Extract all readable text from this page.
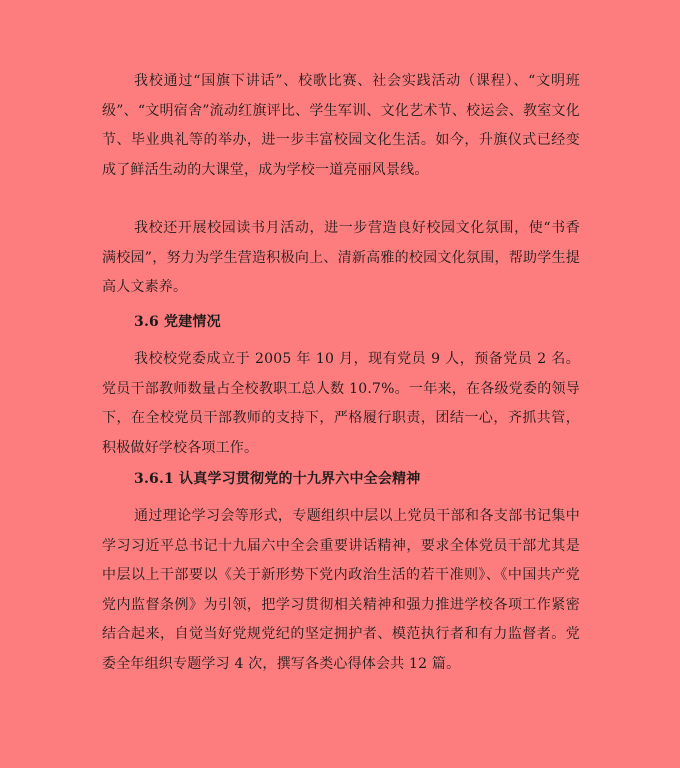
我校通过“国旗下讲话”、校歌比赛、社会实践活动（课程）、“文明班级”、“文明宿舍”流动红旗评比、学生军训、文化艺术节、校运会、教室文化节、毕业典礼等的举办，进一步丰富校园文化生活。如今，升旗仪式已经变成了鲜活生动的大课堂，成为学校一道亮丽风景线。

我校还开展校园读书月活动，进一步营造良好校园文化氛围，使“书香满校园”，努力为学生营造积极向上、清新高雅的校园文化氛围，帮助学生提高人文素养。

3.6 党建情况

我校校党委成立于 2005 年 10 月，现有党员 9 人，预备党员 2 名。党员干部教师数量占全校教职工总人数 10.7%。一年来，在各级党委的领导下，在全校党员干部教师的支持下，严格履行职责，团结一心，齐抓共管，积极做好学校各项工作。

3.6.1 认真学习贯彻党的十九界六中全会精神

通过理论学习会等形式，专题组织中层以上党员干部和各支部书记集中学习习近平总书记十九届六中全会重要讲话精神，要求全体党员干部尤其是中层以上干部要以《关于新形势下党内政治生活的若干准则》、《中国共产党党内监督条例》为引领，把学习贯彻相关精神和强力推进学校各项工作紧密结合起来，自觉当好党规党纪的坚定拥护者、模范执行者和有力监督者。党委全年组织专题学习 4 次，撰写各类心得体会共 12 篇。
